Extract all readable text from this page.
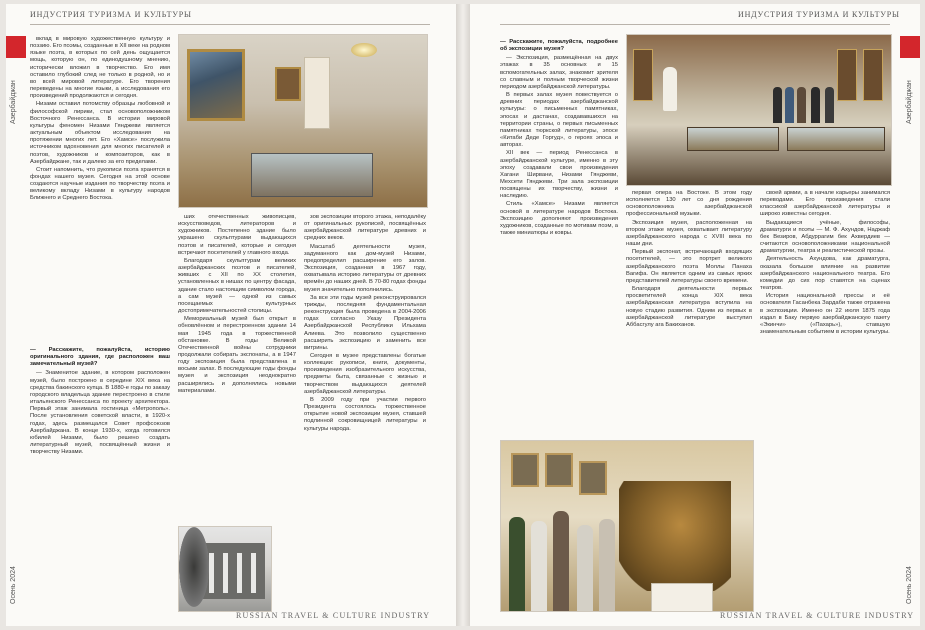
ИНДУСТРИЯ ТУРИЗМА И КУЛЬТУРЫ
Азербайджан
Осень 2024

вклад в мировую художественную культуру и поэзию. Его поэмы, созданные в XII веке на родном языке поэта, в которых по сей день ощущается мощь, которую он, по единодушному мнению, исторически вложил в творчество. Его имя оставило глубокий след не только в родной, но и во всей мировой литературе. Его творения переведены на многие языки, а исследования его произведений продолжаются и сегодня.

Низами оставил потомству образцы любовной и философской лирики, стал основоположником Восточного Ренессанса. В истории мировой культуры феномен Низами Гянджеви является актуальным объектом исследования на протяжении многих лет. Его «Хамсе» послужила источником вдохновения для многих писателей и поэтов, художников и композиторов, как в Азербайджане, так и далеко за его пределами.

Стоит напомнить, что рукописи поэта хранятся в фондах нашего музея. Сегодня на этой основе создаются научные издания по творчеству поэта и великому вкладу Низами в культуру народов Ближнего и Среднего Востока.

— Расскажите, пожалуйста, историю оригинального здания, где расположен ваш замечательный музей?

— Знаменитое здание, в котором расположен музей, было построено в середине XIX века на средства бакинского купца. В 1880-е годы по заказу городского владельца здание перестроено в стиле итальянского Ренессанса по проекту архитектора. Первый этаж занимала гостиница «Метрополь». После установления советской власти, в 1920-х годах, здесь размещался Совет профсоюзов Азербайджана. В конце 1930-х, когда готовился юбилей Низами, было решено создать литературный музей, посвящённый жизни и творчеству Низами.

ших отечественных живописцев, искусствоведов, литераторов и художников. Постепенно здание было украшено скульптурами выдающихся поэтов и писателей, которые и сегодня встречают посетителей у главного входа.

Благодаря скульптурам великих азербайджанских поэтов и писателей, живших с XII по XX столетия, установленных в нишах по центру фасада, здание стало настоящим символом города, а сам музей — одной из самых посещаемых культурных достопримечательностей столицы.

Мемориальный музей был открыт в обновлённом и перестроенном здании 14 мая 1945 года в торжественной обстановке. В годы Великой Отечественной войны сотрудники продолжали собирать экспонаты, а в 1947 году экспозиция была представлена в восьми залах. В последующие годы фонды музея и экспозиция неоднократно расширялись и дополнялись новыми материалами.

зов экспозиции второго этажа, неподалёку от оригинальных рукописей, посвящённых азербайджанской литературе древних и средних веков.

Масштаб деятельности музея, задуманного как дом-музей Низами, предопределил расширение его залов. Экспозиция, созданная в 1967 году, охватывала историю литературы от древних времён до наших дней. В 70-80 годах фонды музея значительно пополнились.

За все эти годы музей реконструировался трижды, последняя фундаментальная реконструкция была проведена в 2004-2006 годах согласно Указу Президента Азербайджанской Республики Ильхама Алиева. Это позволило существенно расширить экспозицию и заменить все витрины.

Сегодня в музее представлены богатые коллекции: рукописи, книги, документы, произведения изобразительного искусства, предметы быта, связанные с жизнью и творчеством выдающихся деятелей азербайджанской литературы.

В 2009 году при участии первого Президента состоялось торжественное открытие новой экспозиции музея, ставшей подлинной сокровищницей литературы и культуры народа.

RUSSIAN TRAVEL & CULTURE INDUSTRY
ИНДУСТРИЯ ТУРИЗМА И КУЛЬТУРЫ
Азербайджан
Осень 2024

— Расскажите, пожалуйста, подробнее об экспозиции музея?

— Экспозиция, размещённая на двух этажах в 35 основных и 15 вспомогательных залах, знакомит зрителя со славным и полным творческой жизни периодом азербайджанской литературы.

В первых залах музея повествуется о древних периодах азербайджанской культуры: о письменных памятниках, эпосах и дастанах, создававшихся на территории страны, о первых письменных памятниках тюркской литературы, эпосе «Китаби Деде Горгуд», о героях эпоса и авторах.

XII век — период Ренессанса в азербайджанской культуре, именно в эту эпоху создавали свои произведения Хагани Ширвани, Низами Гянджеви, Мехсети Гянджеви. Три зала экспозиции посвящены их творчеству, жизни и наследию.

Стиль «Хамсе» Низами является основой в литературе народов Востока. Экспозицию дополняют произведения художников, созданные по мотивам поэм, а также миниатюры и ковры.

первая опера на Востоке. В этом году исполняется 130 лет со дня рождения основоположника азербайджанской профессиональной музыки.

Экспозиция музея, расположенная на втором этаже музея, охватывает литературу азербайджанского народа с XVIII века по наши дни.

Первый экспонат, встречающий входящих посетителей, — это портрет великого азербайджанского поэта Моллы Панаха Вагифа. Он является одним из самых ярких представителей литературы своего времени.

Благодаря деятельности первых просветителей конца XIX века азербайджанская литература вступила на новую стадию развития. Одним из первых в азербайджанской литературе выступил Аббасгулу ага Бакиханов.

своей армии, а в начале карьеры занимался переводами. Его произведения стали классикой азербайджанской литературы и широко известны сегодня.

Выдающиеся учёные, философы, драматурги и поэты — М. Ф. Ахундов, Наджаф бек Везиров, Абдуррагим бек Ахвердиев — считаются основоположниками национальной драматургии, театра и реалистической прозы.

Деятельность Ахундова, как драматурга, оказала большое влияние на развитие азербайджанского национального театра. Его комедии до сих пор ставятся на сценах театров.

История национальной прессы и её основателя Гасанбека Зардаби также отражена в экспозиции. Именно он 22 июля 1875 года издал в Баку первую азербайджанскую газету «Экинчи» («Пахарь»), ставшую знаменательным событием в истории культуры.

RUSSIAN TRAVEL & CULTURE INDUSTRY
